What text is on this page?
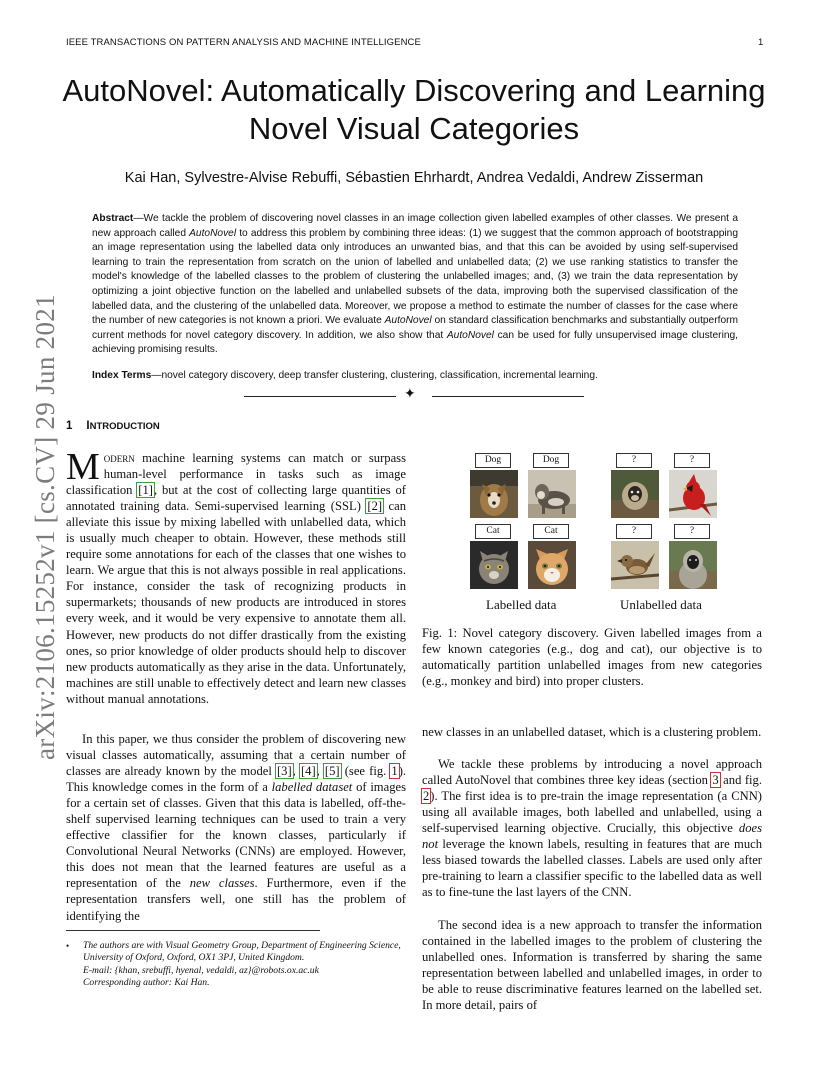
IEEE TRANSACTIONS ON PATTERN ANALYSIS AND MACHINE INTELLIGENCE	1
AutoNovel: Automatically Discovering and Learning Novel Visual Categories
Kai Han, Sylvestre-Alvise Rebuffi, Sébastien Ehrhardt, Andrea Vedaldi, Andrew Zisserman

Abstract—We tackle the problem of discovering novel classes in an image collection given labelled examples of other classes. We present a new approach called AutoNovel to address this problem by combining three ideas: (1) we suggest that the common approach of bootstrapping an image representation using the labelled data only introduces an unwanted bias, and that this can be avoided by using self-supervised learning to train the representation from scratch on the union of labelled and unlabelled data; (2) we use ranking statistics to transfer the model's knowledge of the labelled classes to the problem of clustering the unlabelled images; and, (3) we train the data representation by optimizing a joint objective function on the labelled and unlabelled subsets of the data, improving both the supervised classification of the labelled data, and the clustering of the unlabelled data. Moreover, we propose a method to estimate the number of classes for the case where the number of new categories is not known a priori. We evaluate AutoNovel on standard classification benchmarks and substantially outperform current methods for novel category discovery. In addition, we also show that AutoNovel can be used for fully unsupervised image clustering, achieving promising results.

Index Terms—novel category discovery, deep transfer clustering, clustering, classification, incremental learning.

✦
1 INTRODUCTION

Modern machine learning systems can match or surpass human-level performance in tasks such as image classification [1], but at the cost of collecting large quantities of annotated training data. Semi-supervised learning (SSL) [2] can alleviate this issue by mixing labelled with unlabelled data, which is usually much cheaper to obtain. However, these methods still require some annotations for each of the classes that one wishes to learn. We argue that this is not always possible in real applications. For instance, consider the task of recognizing products in supermarkets; thousands of new products are introduced in stores every week, and it would be very expensive to annotate them all. However, new products do not differ drastically from the existing ones, so prior knowledge of older products should help to discover new products automatically as they arise in the data. Unfortunately, machines are still unable to effectively detect and learn new classes without manual annotations.

In this paper, we thus consider the problem of discovering new visual classes automatically, assuming that a certain number of classes are already known by the model [3], [4], [5] (see fig. 1). This knowledge comes in the form of a labelled dataset of images for a certain set of classes. Given that this data is labelled, off-the-shelf supervised learning techniques can be used to train a very effective classifier for the known classes, particularly if Convolutional Neural Networks (CNNs) are employed. However, this does not mean that the learned features are useful as a representation of the new classes. Furthermore, even if the representation transfers well, one still has the problem of identifying the

• The authors are with Visual Geometry Group, Department of Engineering Science, University of Oxford, Oxford, OX1 3PJ, United Kingdom.
E-mail: {khan, srebuffi, hyenal, vedaldi, az}@robots.ox.ac.uk
Corresponding author: Kai Han.

Dog	Dog	?	?
Cat	Cat	?	?
Labelled data	Unlabelled data

Fig. 1: Novel category discovery. Given labelled images from a few known categories (e.g., dog and cat), our objective is to automatically partition unlabelled images from new categories (e.g., monkey and bird) into proper clusters.

new classes in an unlabelled dataset, which is a clustering problem.

We tackle these problems by introducing a novel approach called AutoNovel that combines three key ideas (section 3 and fig. 2). The first idea is to pre-train the image representation (a CNN) using all available images, both labelled and unlabelled, using a self-supervised learning objective. Crucially, this objective does not leverage the known labels, resulting in features that are much less biased towards the labelled classes. Labels are used only after pre-training to learn a classifier specific to the labelled data as well as to fine-tune the last layers of the CNN.

The second idea is a new approach to transfer the information contained in the labelled images to the problem of clustering the unlabelled ones. Information is transferred by sharing the same representation between labelled and unlabelled images, in order to be able to reuse discriminative features learned on the labelled set. In more detail, pairs of

arXiv:2106.15252v1 [cs.CV] 29 Jun 2021
